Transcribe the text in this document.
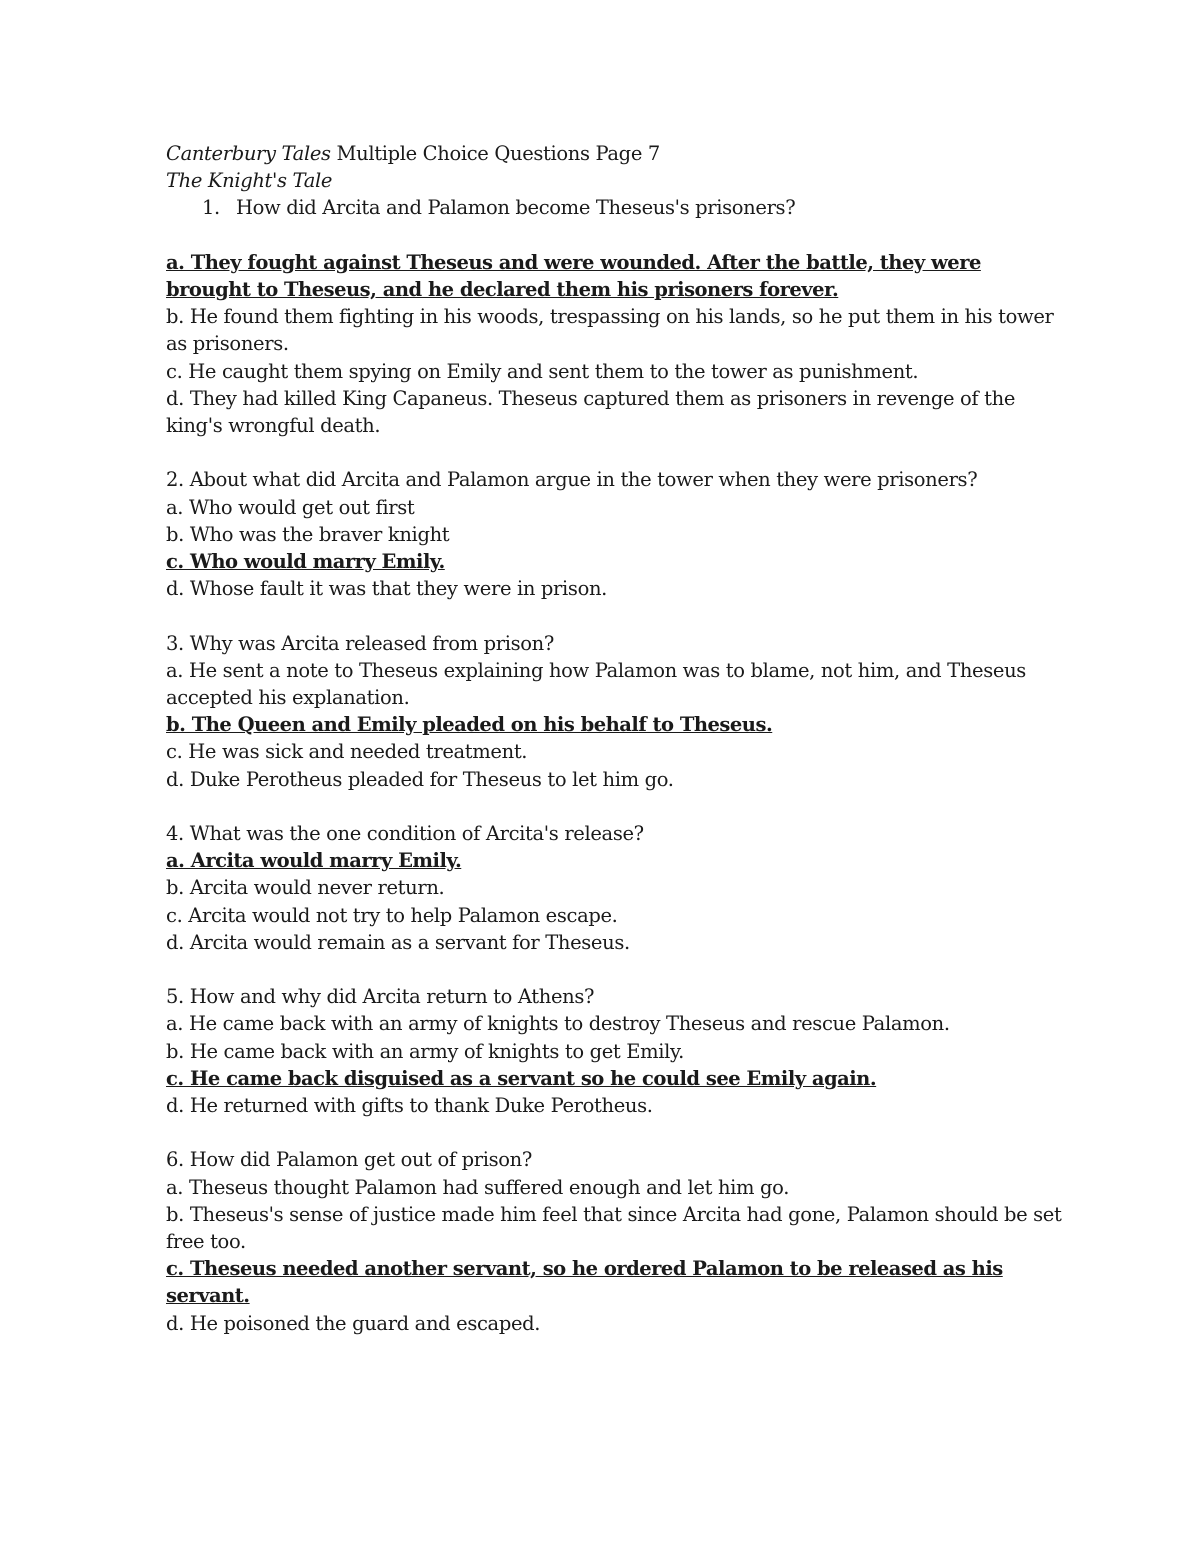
Canterbury Tales Multiple Choice Questions Page 7

The Knight's Tale

1. How did Arcita and Palamon become Theseus's prisoners?

a. They fought against Theseus and were wounded. After the battle, they were brought to Theseus, and he declared them his prisoners forever.

b. He found them fighting in his woods, trespassing on his lands, so he put them in his tower as prisoners.

c. He caught them spying on Emily and sent them to the tower as punishment.

d. They had killed King Capaneus. Theseus captured them as prisoners in revenge of the king's wrongful death.

2. About what did Arcita and Palamon argue in the tower when they were prisoners?

a. Who would get out first

b. Who was the braver knight

c. Who would marry Emily.

d. Whose fault it was that they were in prison.

3. Why was Arcita released from prison?

a. He sent a note to Theseus explaining how Palamon was to blame, not him, and Theseus accepted his explanation.

b. The Queen and Emily pleaded on his behalf to Theseus.

c. He was sick and needed treatment.

d. Duke Perotheus pleaded for Theseus to let him go.

4. What was the one condition of Arcita's release?

a. Arcita would marry Emily.

b. Arcita would never return.

c. Arcita would not try to help Palamon escape.

d. Arcita would remain as a servant for Theseus.

5. How and why did Arcita return to Athens?

a. He came back with an army of knights to destroy Theseus and rescue Palamon.

b. He came back with an army of knights to get Emily.

c. He came back disguised as a servant so he could see Emily again.

d. He returned with gifts to thank Duke Perotheus.

6. How did Palamon get out of prison?

a. Theseus thought Palamon had suffered enough and let him go.

b. Theseus's sense of justice made him feel that since Arcita had gone, Palamon should be set free too.

c. Theseus needed another servant, so he ordered Palamon to be released as his servant.

d. He poisoned the guard and escaped.
